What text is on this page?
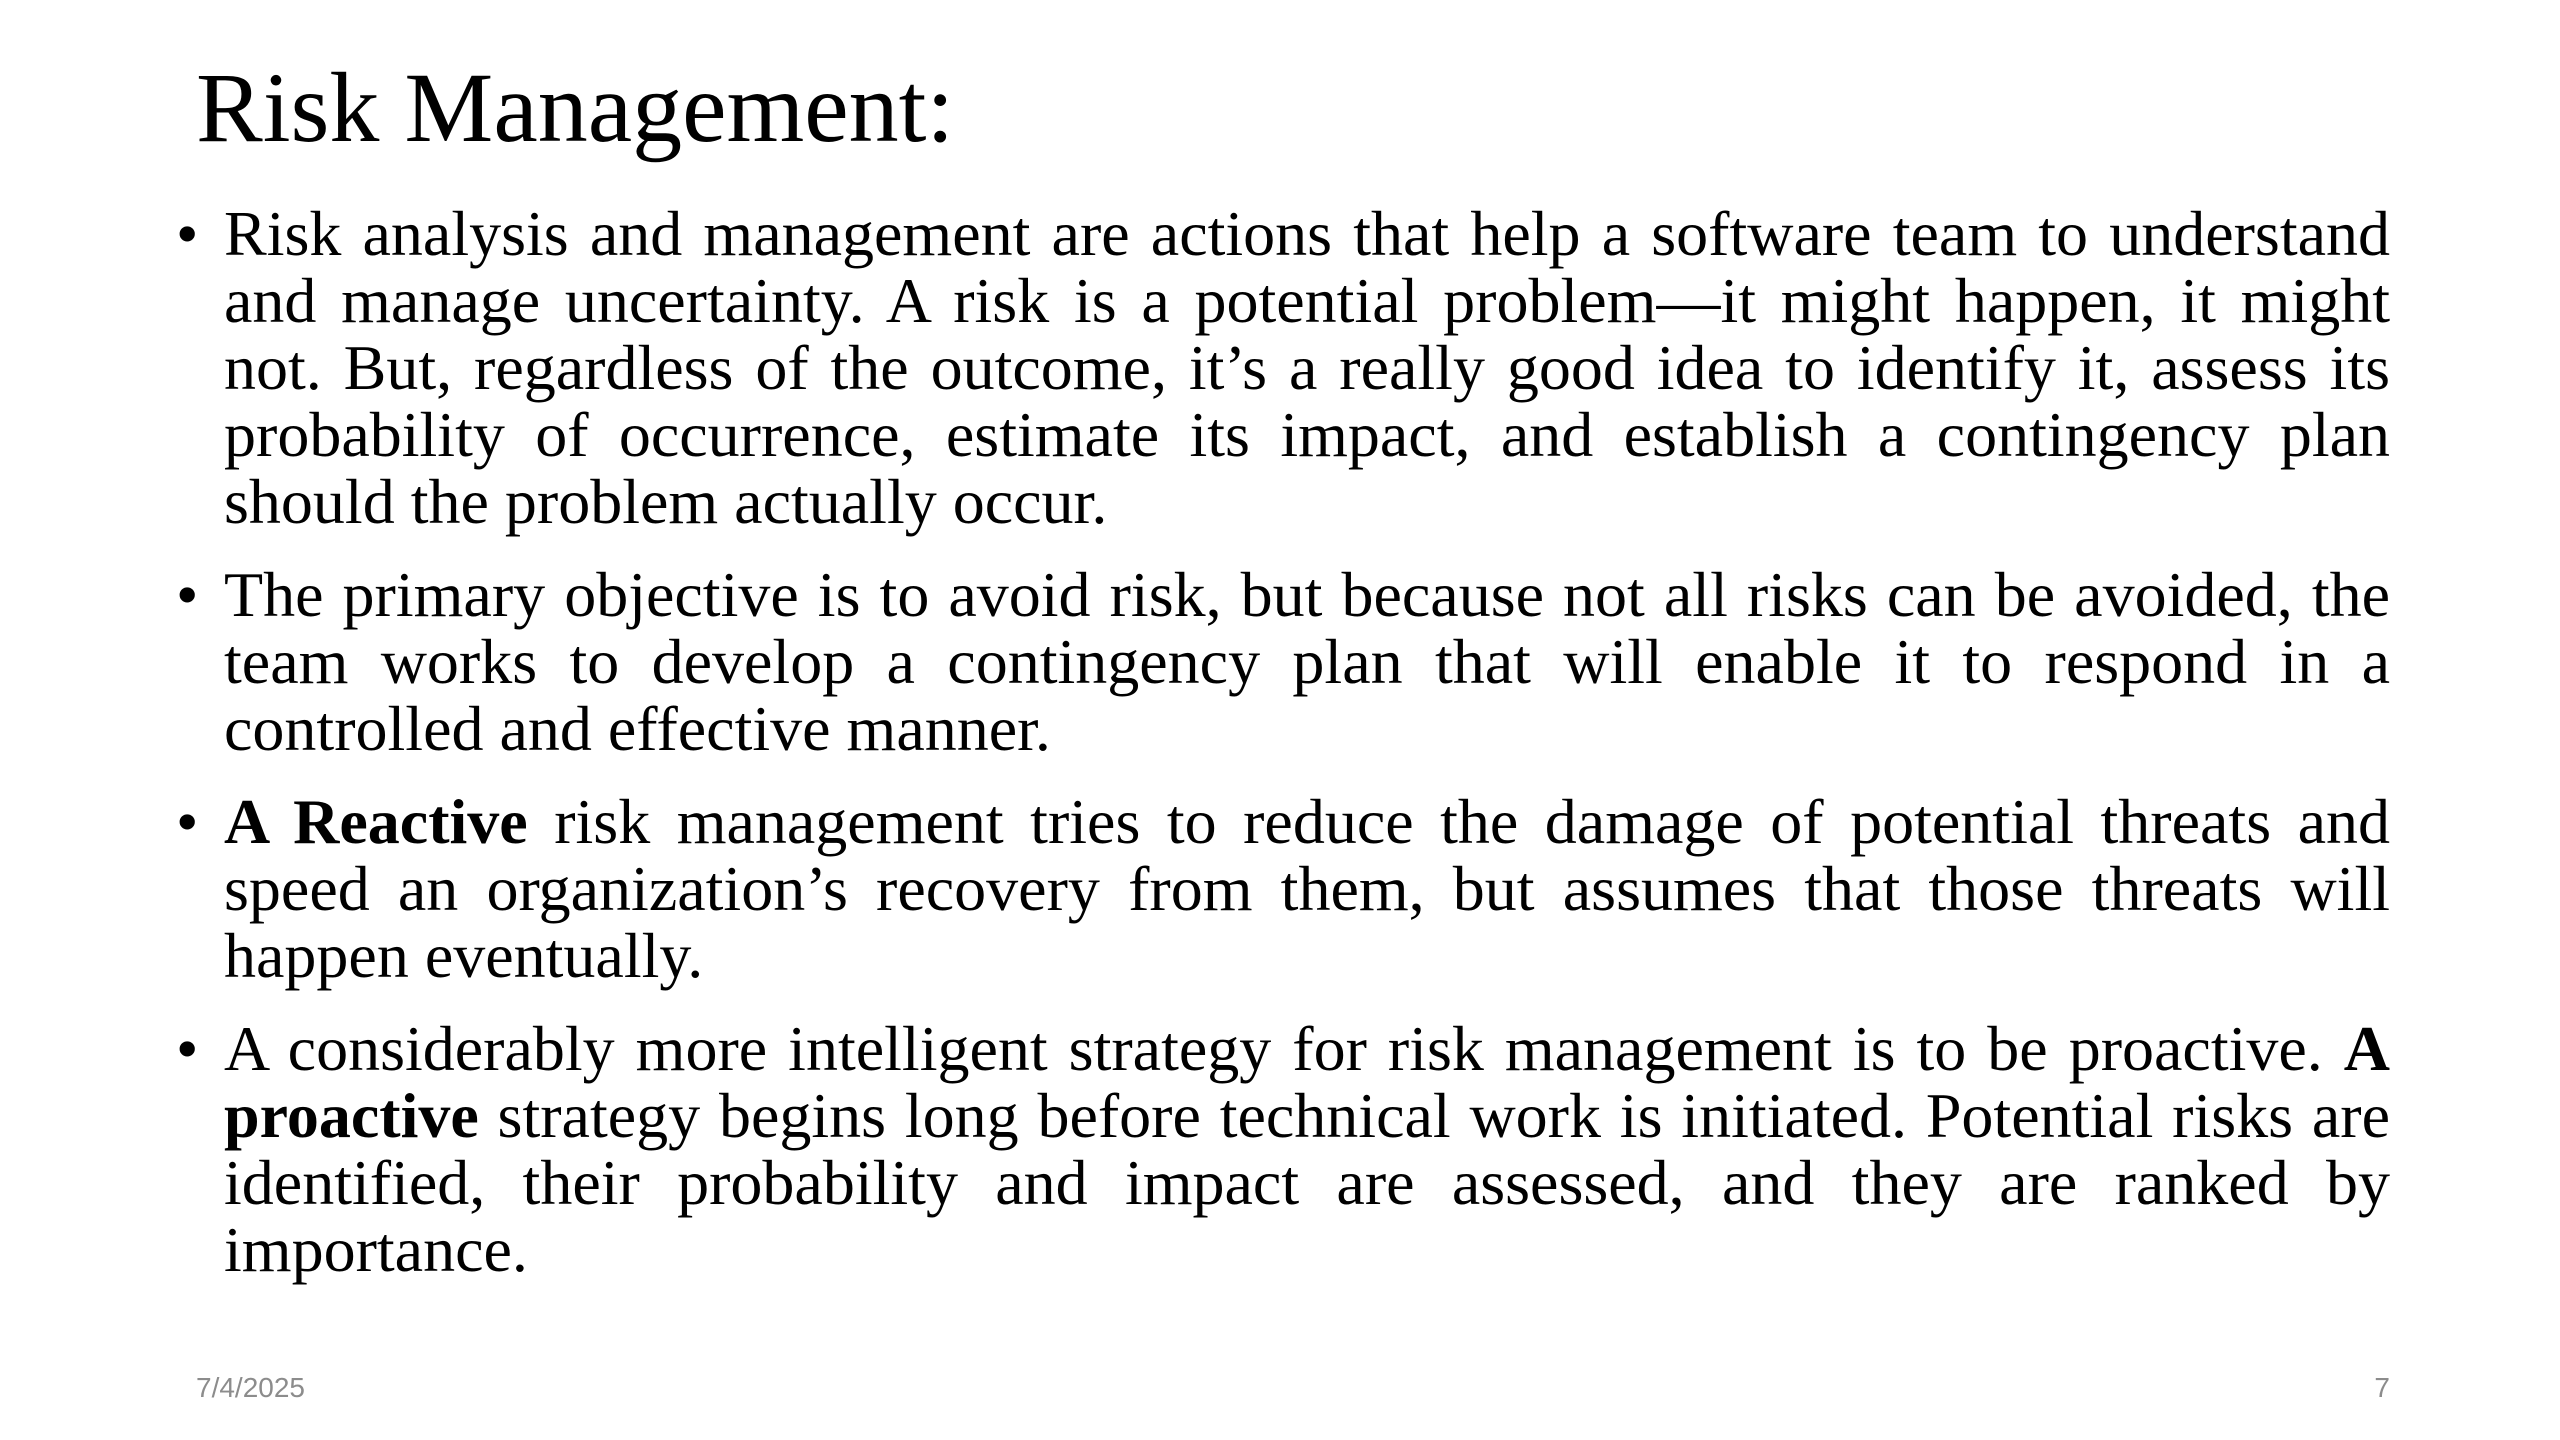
Risk Management:
• Risk analysis and management are actions that help a software team to understand and manage uncertainty. A risk is a potential problem—it might happen, it might not. But, regardless of the outcome, it’s a really good idea to identify it, assess its probability of occurrence, estimate its impact, and establish a contingency plan should the problem actually occur.
• The primary objective is to avoid risk, but because not all risks can be avoided, the team works to develop a contingency plan that will enable it to respond in a controlled and effective manner.
• A Reactive risk management tries to reduce the damage of potential threats and speed an organization’s recovery from them, but assumes that those threats will happen eventually.
• A considerably more intelligent strategy for risk management is to be proactive. A proactive strategy begins long before technical work is initiated. Potential risks are identified, their probability and impact are assessed, and they are ranked by importance.
7/4/2025	7
